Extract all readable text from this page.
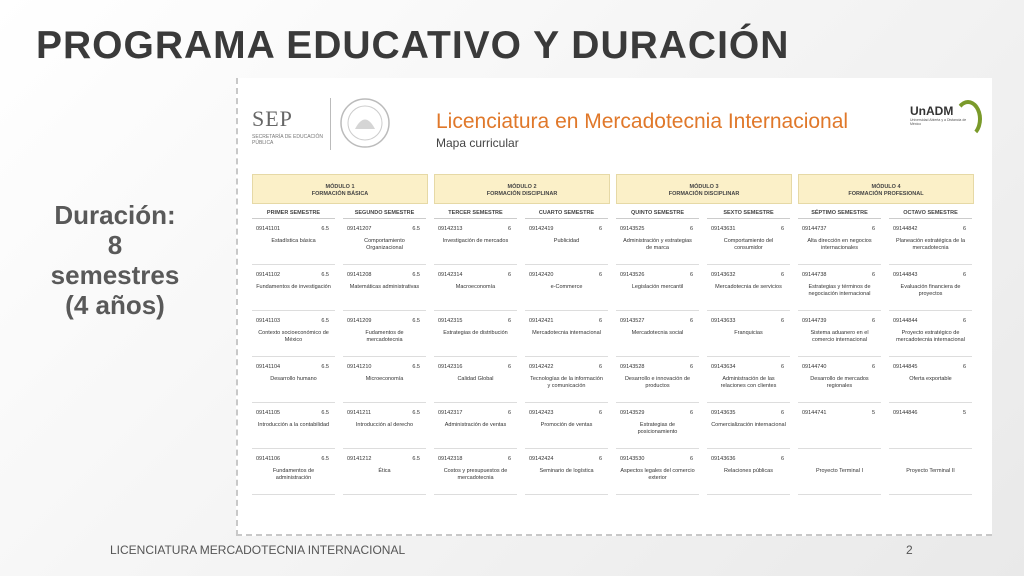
PROGRAMA EDUCATIVO Y DURACIÓN
Duración:
8
semestres
(4 años)
SEP
SECRETARÍA DE EDUCACIÓN PÚBLICA
Licenciatura en Mercadotecnia Internacional
Mapa curricular
UnADM
Universidad Abierta y a Distancia de México
MÓDULO 1
FORMACIÓN BÁSICA
MÓDULO 2
FORMACIÓN DISCIPLINAR
MÓDULO 3
FORMACIÓN DISCIPLINAR
MÓDULO 4
FORMACIÓN PROFESIONAL
PRIMER SEMESTRE
09141101	6.5
Estadística básica
09141102	6.5
Fundamentos de investigación
09141103	6.5
Contexto socioeconómico de México
09141104	6.5
Desarrollo humano
09141105	6.5
Introducción a la contabilidad
09141106	6.5
Fundamentos de administración
SEGUNDO SEMESTRE
09141207	6.5
Comportamiento Organizacional
09141208	6.5
Matemáticas administrativas
09141209	6.5
Fudamentos de mercadotecnia
09141210	6.5
Microeconomía
09141211	6.5
Introducción al derecho
09141212	6.5
Ética
TERCER SEMESTRE
09142313	6
Investigación de mercados
09142314	6
Macroeconomía
09142315	6
Estrategias de distribución
09142316	6
Calidad Global
09142317	6
Administración de ventas
09142318	6
Costos y presupuestos de mercadotecnia
CUARTO SEMESTRE
09142419	6
Publicidad
09142420	6
e-Commerce
09142421	6
Mercadotecnia internacional
09142422	6
Tecnologías de la información y comunicación
09142423	6
Promoción de ventas
09142424	6
Seminario de logística
QUINTO SEMESTRE
09143525	6
Administración y estrategias de marca
09143526	6
Legislación mercantil
09143527	6
Mercadotecnia social
09143528	6
Desarrollo e innovación de productos
09143529	6
Estrategias de posicionamiento
09143530	6
Aspectos legales del comercio exterior
SEXTO SEMESTRE
09143631	6
Comportamiento del consumidor
09143632	6
Mercadotecnia de servicios
09143633	6
Franquicias
09143634	6
Administración de las relaciones con clientes
09143635	6
Comercialización internacional
09143636	6
Relaciones públicas
SÉPTIMO SEMESTRE
09144737	6
Alta dirección en negocios internacionales
09144738	6
Estrategias y términos de negociación internacional
09144739	6
Sistema aduanero en el comercio internacional
09144740	6
Desarrollo de mercados regionales
09144741	5
Proyecto Terminal I
OCTAVO SEMESTRE
09144842	6
Planeación estratégica de la mercadotecnia
09144843	6
Evaluación financiera de proyectos
09144844	6
Proyecto estratégico de mercadotecnia internacional
09144845	6
Oferta exportable
09144846	5
Proyecto Terminal II
LICENCIATURA MERCADOTECNIA INTERNACIONAL	2
